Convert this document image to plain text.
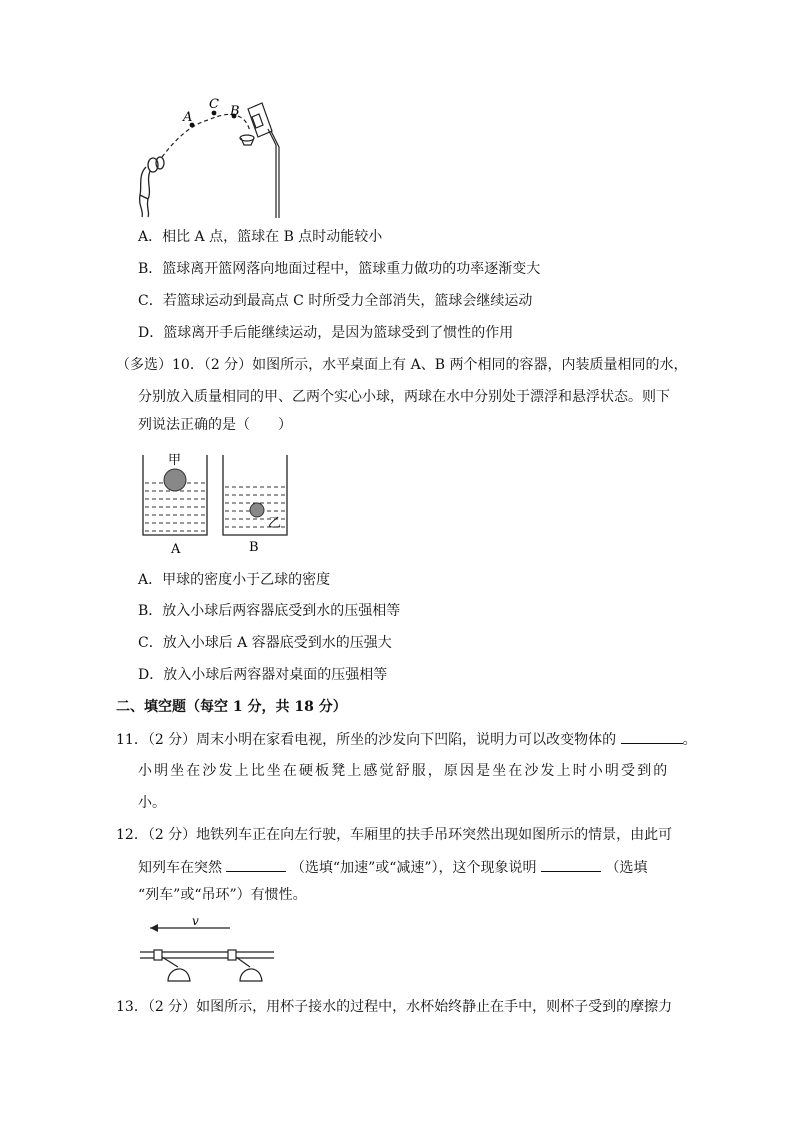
A
C B
A．相比 A 点，篮球在 B 点时动能较小
B．篮球离开篮网落向地面过程中，篮球重力做功的功率逐渐变大
C．若篮球运动到最高点 C 时所受力全部消失，篮球会继续运动
D．篮球离开手后能继续运动，是因为篮球受到了惯性的作用
（多选）10．（2 分）如图所示，水平桌面上有 A、B 两个相同的容器，内装质量相同的水，
分别放入质量相同的甲、乙两个实心小球，两球在水中分别处于漂浮和悬浮状态。则下
列说法正确的是（　　）
甲
乙
A	B
A．甲球的密度小于乙球的密度
B．放入小球后两容器底受到水的压强相等
C．放入小球后 A 容器底受到水的压强大
D．放入小球后两容器对桌面的压强相等
二、填空题（每空 1 分，共 18 分）
11．（2 分）周末小明在家看电视，所坐的沙发向下凹陷，说明力可以改变物体的	。
小明坐在沙发上比坐在硬板凳上感觉舒服，原因是坐在沙发上时小明受到的
小。
12．（2 分）地铁列车正在向左行驶，车厢里的扶手吊环突然出现如图所示的情景，由此可
知列车在突然	（选填“加速”或“减速”），这个现象说明	（选填
“列车”或“吊环”）有惯性。
v
13．（2 分）如图所示，用杯子接水的过程中，水杯始终静止在手中，则杯子受到的摩擦力
